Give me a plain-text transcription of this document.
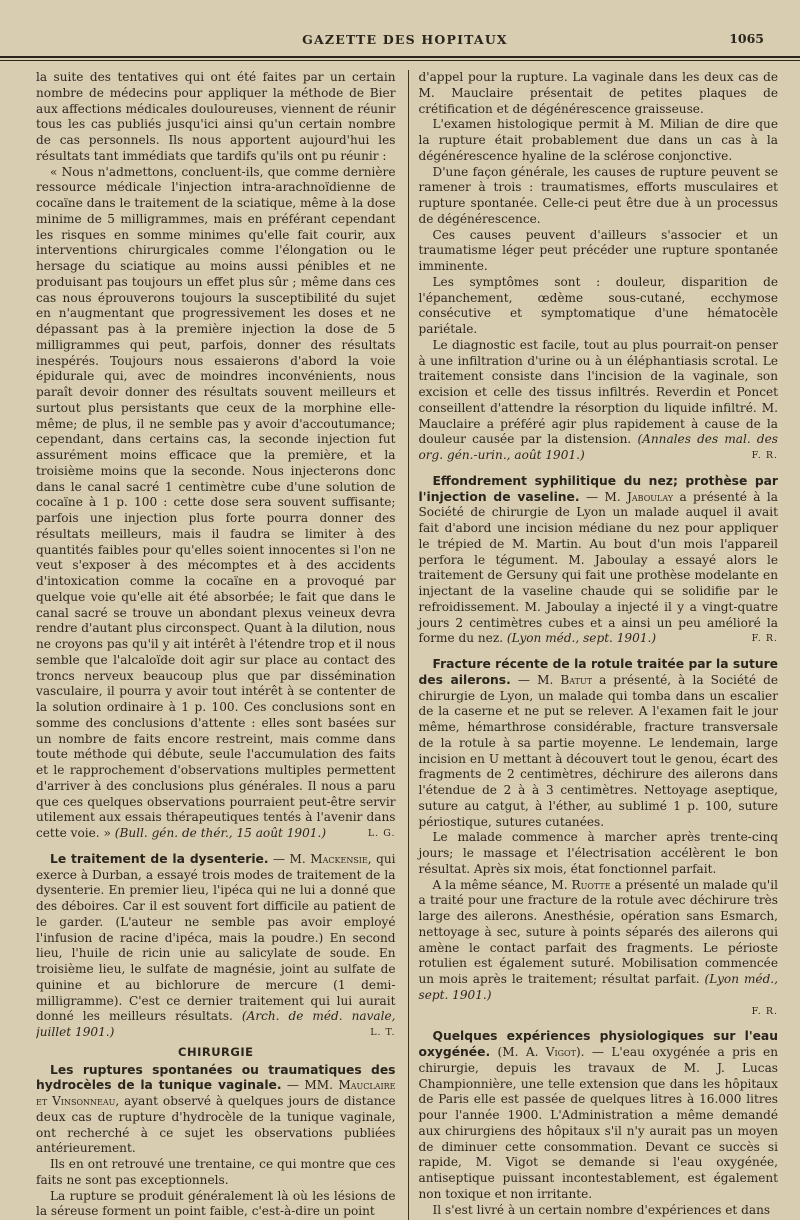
GAZETTE DES HOPITAUX	1065

la suite des tentatives qui ont été faites par un certain nombre de médecins pour appliquer la méthode de Bier aux affections médicales douloureuses, viennent de réunir tous les cas publiés jusqu'ici ainsi qu'un certain nombre de cas personnels. Ils nous apportent aujourd'hui les résultats tant immédiats que tardifs qu'ils ont pu réunir :

« Nous n'admettons, concluent-ils, que comme dernière ressource médicale l'injection intra-arachnoïdienne de cocaïne dans le traitement de la sciatique, même à la dose minime de 5 milligrammes, mais en préférant cependant les risques en somme minimes qu'elle fait courir, aux interventions chirurgicales comme l'élongation ou le hersage du sciatique au moins aussi pénibles et ne produisant pas toujours un effet plus sûr ; même dans ces cas nous éprouverons toujours la susceptibilité du sujet en n'augmentant que progressivement les doses et ne dépassant pas à la première injection la dose de 5 milligrammes qui peut, parfois, donner des résultats inespérés. Toujours nous essaierons d'abord la voie épidurale qui, avec de moindres inconvénients, nous paraît devoir donner des résultats souvent meilleurs et surtout plus persistants que ceux de la morphine elle-même; de plus, il ne semble pas y avoir d'accoutumance; cependant, dans certains cas, la seconde injection fut assurément moins efficace que la première, et la troisième moins que la seconde. Nous injecterons donc dans le canal sacré 1 centimètre cube d'une solution de cocaïne à 1 p. 100 : cette dose sera souvent suffisante; parfois une injection plus forte pourra donner des résultats meilleurs, mais il faudra se limiter à des quantités faibles pour qu'elles soient innocentes si l'on ne veut s'exposer à des mécomptes et à des accidents d'intoxication comme la cocaïne en a provoqué par quelque voie qu'elle ait été absorbée; le fait que dans le canal sacré se trouve un abondant plexus veineux devra rendre d'autant plus circonspect. Quant à la dilution, nous ne croyons pas qu'il y ait intérêt à l'étendre trop et il nous semble que l'alcaloïde doit agir sur place au contact des troncs nerveux beaucoup plus que par dissémination vasculaire, il pourra y avoir tout intérêt à se contenter de la solution ordinaire à 1 p. 100. Ces conclusions sont en somme des conclusions d'attente : elles sont basées sur un nombre de faits encore restreint, mais comme dans toute méthode qui débute, seule l'accumulation des faits et le rapprochement d'observations multiples permettent d'arriver à des conclusions plus générales. Il nous a paru que ces quelques observations pourraient peut-être servir utilement aux essais thérapeutiques tentés à l'avenir dans cette voie. » (Bull. gén. de thér., 15 août 1901.)	L. G.

Le traitement de la dysenterie. — M. Mackensie, qui exerce à Durban, a essayé trois modes de traitement de la dysenterie. En premier lieu, l'ipéca qui ne lui a donné que des déboires. Car il est souvent fort difficile au patient de le garder. (L'auteur ne semble pas avoir employé l'infusion de racine d'ipéca, mais la poudre.) En second lieu, l'huile de ricin unie au salicylate de soude. En troisième lieu, le sulfate de magnésie, joint au sulfate de quinine et au bichlorure de mercure (1 demi-milligramme). C'est ce dernier traitement qui lui aurait donné les meilleurs résultats. (Arch. de méd. navale, juillet 1901.)	L. T.

CHIRURGIE

Les ruptures spontanées ou traumatiques des hydrocèles de la tunique vaginale. — MM. Mauclaire et Vinsonneau, ayant observé à quelques jours de distance deux cas de rupture d'hydrocèle de la tunique vaginale, ont recherché à ce sujet les observations publiées antérieurement.

Ils en ont retrouvé une trentaine, ce qui montre que ces faits ne sont pas exceptionnels.

La rupture se produit généralement là où les lésions de la séreuse forment un point faible, c'est-à-dire un point

d'appel pour la rupture. La vaginale dans les deux cas de M. Mauclaire présentait de petites plaques de crétification et de dégénérescence graisseuse.

L'examen histologique permit à M. Milian de dire que la rupture était probablement due dans un cas à la dégénérescence hyaline de la sclérose conjonctive.

D'une façon générale, les causes de rupture peuvent se ramener à trois : traumatismes, efforts musculaires et rupture spontanée. Celle-ci peut être due à un processus de dégénérescence.

Ces causes peuvent d'ailleurs s'associer et un traumatisme léger peut précéder une rupture spontanée imminente.

Les symptômes sont : douleur, disparition de l'épanchement, œdème sous-cutané, ecchymose consécutive et symptomatique d'une hématocèle pariétale.

Le diagnostic est facile, tout au plus pourrait-on penser à une infiltration d'urine ou à un éléphantiasis scrotal. Le traitement consiste dans l'incision de la vaginale, son excision et celle des tissus infiltrés. Reverdin et Poncet conseillent d'attendre la résorption du liquide infiltré. M. Mauclaire a préféré agir plus rapidement à cause de la douleur causée par la distension. (Annales des mal. des org. gén.-urin., août 1901.)	F. R.

Effondrement syphilitique du nez; prothèse par l'injection de vaseline. — M. Jaboulay a présenté à la Société de chirurgie de Lyon un malade auquel il avait fait d'abord une incision médiane du nez pour appliquer le trépied de M. Martin. Au bout d'un mois l'appareil perfora le tégument. M. Jaboulay a essayé alors le traitement de Gersuny qui fait une prothèse modelante en injectant de la vaseline chaude qui se solidifie par le refroidissement. M. Jaboulay a injecté il y a vingt-quatre jours 2 centimètres cubes et a ainsi un peu amélioré la forme du nez. (Lyon méd., sept. 1901.)	F. R.

Fracture récente de la rotule traitée par la suture des ailerons. — M. Batut a présenté, à la Société de chirurgie de Lyon, un malade qui tomba dans un escalier de la caserne et ne put se relever. A l'examen fait le jour même, hémarthrose considérable, fracture transversale de la rotule à sa partie moyenne. Le lendemain, large incision en U mettant à découvert tout le genou, écart des fragments de 2 centimètres, déchirure des ailerons dans l'étendue de 2 à à 3 centimètres. Nettoyage aseptique, suture au catgut, à l'éther, au sublimé 1 p. 100, suture périostique, sutures cutanées.

Le malade commence à marcher après trente-cinq jours; le massage et l'électrisation accélèrent le bon résultat. Après six mois, état fonctionnel parfait.

A la même séance, M. Ruotte a présenté un malade qu'il a traité pour une fracture de la rotule avec déchirure très large des ailerons. Anesthésie, opération sans Esmarch, nettoyage à sec, suture à points séparés des ailerons qui amène le contact parfait des fragments. Le périoste rotulien est également suturé. Mobilisation commencée un mois après le traitement; résultat parfait. (Lyon méd., sept. 1901.)

F. R.

Quelques expériences physiologiques sur l'eau oxygénée. (M. A. Vigot). — L'eau oxygénée a pris en chirurgie, depuis les travaux de M. J. Lucas Championnière, une telle extension que dans les hôpitaux de Paris elle est passée de quelques litres à 16.000 litres pour l'année 1900. L'Administration a même demandé aux chirurgiens des hôpitaux s'il n'y aurait pas un moyen de diminuer cette consommation. Devant ce succès si rapide, M. Vigot se demande si l'eau oxygénée, antiseptique puissant incontestablement, est également non toxique et non irritante.

Il s'est livré à un certain nombre d'expériences et dans
